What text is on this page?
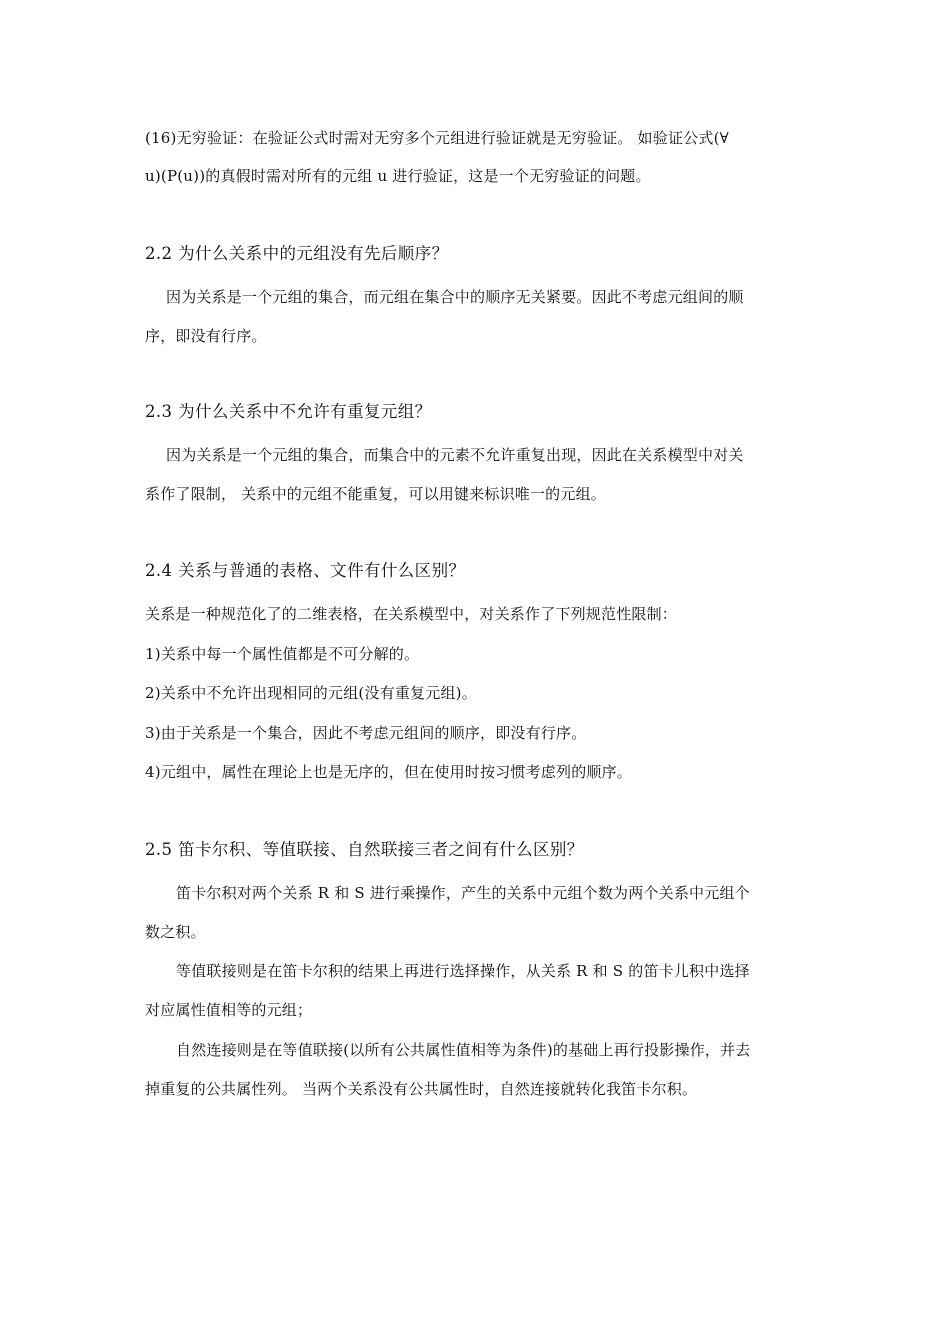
(16)无穷验证：在验证公式时需对无穷多个元组进行验证就是无穷验证。 如验证公式(∀
u)(P(u))的真假时需对所有的元组 u 进行验证，这是一个无穷验证的问题。
2.2 为什么关系中的元组没有先后顺序？
因为关系是一个元组的集合，而元组在集合中的顺序无关紧要。因此不考虑元组间的顺
序，即没有行序。
2.3 为什么关系中不允许有重复元组？
因为关系是一个元组的集合，而集合中的元素不允许重复出现，因此在关系模型中对关
系作了限制， 关系中的元组不能重复，可以用键来标识唯一的元组。
2.4 关系与普通的表格、文件有什么区别？
关系是一种规范化了的二维表格，在关系模型中，对关系作了下列规范性限制：
1)关系中每一个属性值都是不可分解的。
2)关系中不允许出现相同的元组(没有重复元组)。
3)由于关系是一个集合，因此不考虑元组间的顺序，即没有行序。
4)元组中，属性在理论上也是无序的，但在使用时按习惯考虑列的顺序。
2.5 笛卡尔积、等值联接、自然联接三者之间有什么区别？
笛卡尔积对两个关系 R 和 S 进行乘操作，产生的关系中元组个数为两个关系中元组个
数之积。
等值联接则是在笛卡尔积的结果上再进行选择操作，从关系 R 和 S 的笛卡儿积中选择
对应属性值相等的元组；
自然连接则是在等值联接(以所有公共属性值相等为条件)的基础上再行投影操作，并去
掉重复的公共属性列。 当两个关系没有公共属性时，自然连接就转化我笛卡尔积。
